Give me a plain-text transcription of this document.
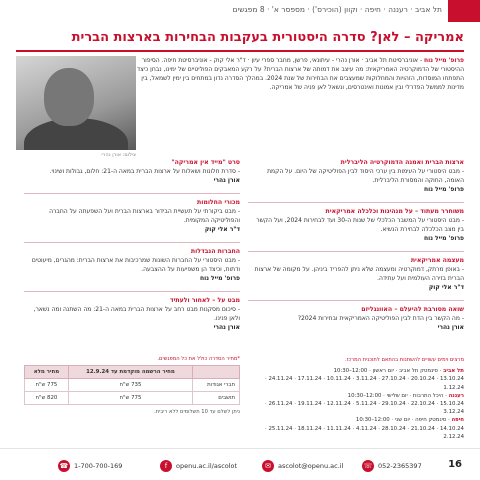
תל אביב · רעננה · חיפה · וקוון (הוכירס') · מספסר א' · 8 מפגשים
אמריקה – לאן? סדרה היסטורית בעקבות הבחירות בארצות הברית
פרופ' מייל נוח - אוניברסיטת תל אביב · אורן נהרי - עיתונאי, פרשן, מחבר ספרי עיון · ד"ר אלי קוק - אוניברסיטת חיפה. הסיפור ההיסטורי של הדמוקרטיה האמריקאית: מה עיצב את דמותה של ארצות הברית? על רקע המאבקים הפוליטיים של ימינו, נבחן כיצד התפתחו המוסדות, הזהויות והמחלוקות שמעצבים את הבחירות של שנת 2024. במהלך הסדרה נדון במתחים בין ימין לשמאל, בין מדינות לממשל הפדרלי ובין אמונות ואינטרסים, ונשאל לאן פניה של אמריקה.
צילום: אורן נהרי
ארצות הברית ואמנה הדמוקרטיה הליברלית
- מבט היסטורי על העימות בין ערכי היסוד לבין הפוליטיקה של היום. על הקמת האומה, החוקה והמסורת הליברלית.
פרופ' מייל נוח
משוחרר מעתוד – על מנהיגות וכלכלה אמריקאית
- מבט היסטורי על המשבר הכלכלי של שנות ה-30 ועד לבחירות 2024, ועל הקשר בין מצב הכלכלה לבחירת הנשיא.
פרופ' מייל נוח
מעצמה אמריקאית
- באופן מרתק, דמוקרטיה ומעצמה שלא ניתן להפריד ביניהן. על מקומה של ארצות הברית בזירה העולמית ועל עתידה.
ד"ר אלי קוק
שואה מסורבת להיעלם – האוונגליזם
- מה הקשר בין הדת לבין הפוליטיקה האמריקאית ובחירות 2024?
אורן נהרי
סרט "מייד אין אמריקה"
- סדרת חלונות ושאלות על ארצות הברית במאה ה-21: חלום, גבולות ושינוי.
אורן נהרי
מכורי החלומות
- מבט ביקורתי על תעשיית הבידור בארצות הברית ועל השפעתה על החברה והפוליטיקה המקומית.
ד"ר אלי קוק
החברות הנבדלות
- מבט היסטורי על החברות השונות שמרכיבות את ארצות הברית: מהגרים, מיעוטים ודתות, וכיצד הן משפיעות על ההצבעה.
פרופ' מייל נוח
מבט על – לאחור ולעתיד
- סיכום מסקנות מבט רחב על ארצות הברית במאה ה-21: מה השתנה ומה נשאר, ולאן פנינו.
אורן נהרי
מרצים וימים עשויים להשתנות בהתאם לתוכנית המרכז.
תל אביב · סינמטק תל אביב · יום ראשון · 12:00–10:30
13.10.24 · 20.10.24 · 27.10.24 · 3.11.24 · 10.11.24 · 17.11.24 · 24.11.24 · 1.12.24
רעננה · היכל התרבות · יום שלישי · 12:00–10:30
15.10.24 · 22.10.24 · 29.10.24 · 5.11.24 · 12.11.24 · 19.11.24 · 26.11.24 · 3.12.24
חיפה · סינמטק חיפה · יום שני · 12:00–10:30
14.10.24 · 21.10.24 · 28.10.24 · 4.11.24 · 11.11.24 · 18.11.24 · 25.11.24 · 2.12.24
*מחיר הסדרה כולל את כל המפגשים.
	מחיר הרשמה מוקדמת עד 12.9.24	מחיר מלא
חברי אגודות	735 ש"ח	775 ש"ח
תושבים	775 ש"ח	820 ש"ח
ניתן לשלם עד 10 תשלומים ללא ריבית.
16
☏ 052-2365397
✉	ascolot@openu.ac.il
f	openu.ac.il/ascolot
☎ 1-700-700-169
